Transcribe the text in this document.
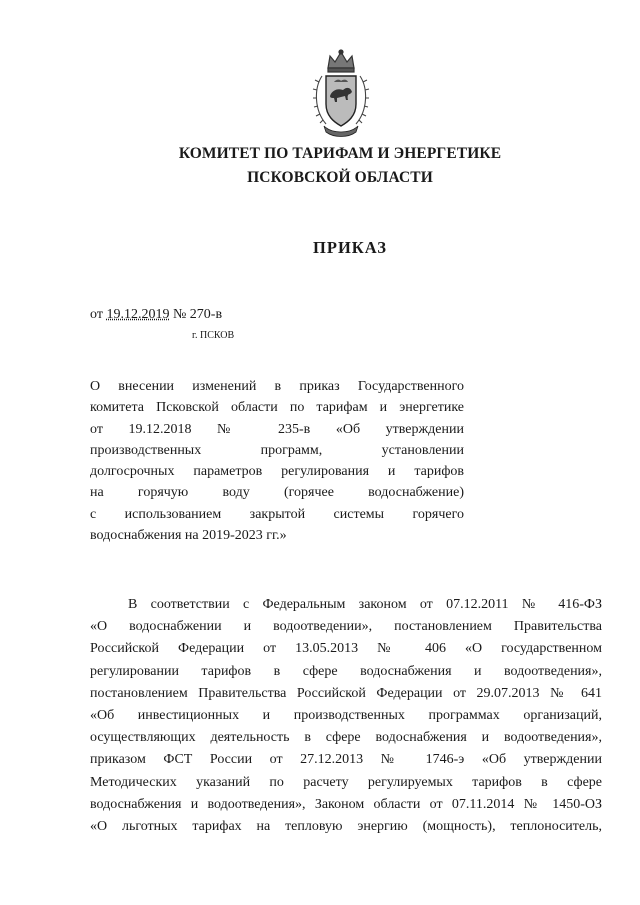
КОМИТЕТ ПО ТАРИФАМ И ЭНЕРГЕТИКЕ
ПСКОВСКОЙ ОБЛАСТИ
ПРИКАЗ
от 19.12.2019 № 270-в
г. ПСКОВ
О внесении изменений в приказ Государственного
комитета Псковской области по тарифам и энергетике
от 19.12.2018 № 235-в «Об утверждении
производственных программ, установлении
долгосрочных параметров регулирования и тарифов
на горячую воду (горячее водоснабжение)
с использованием закрытой системы горячего
водоснабжения на 2019-2023 гг.»
В соответствии с Федеральным законом от 07.12.2011 № 416-ФЗ
«О водоснабжении и водоотведении», постановлением Правительства
Российской Федерации от 13.05.2013 № 406 «О государственном
регулировании тарифов в сфере водоснабжения и водоотведения»,
постановлением Правительства Российской Федерации от 29.07.2013 № 641
«Об инвестиционных и производственных программах организаций,
осуществляющих деятельность в сфере водоснабжения и водоотведения»,
приказом ФСТ России от 27.12.2013 № 1746-э «Об утверждении
Методических указаний по расчету регулируемых тарифов в сфере
водоснабжения и водоотведения», Законом области от 07.11.2014 № 1450-ОЗ
«О льготных тарифах на тепловую энергию (мощность), теплоноситель,
